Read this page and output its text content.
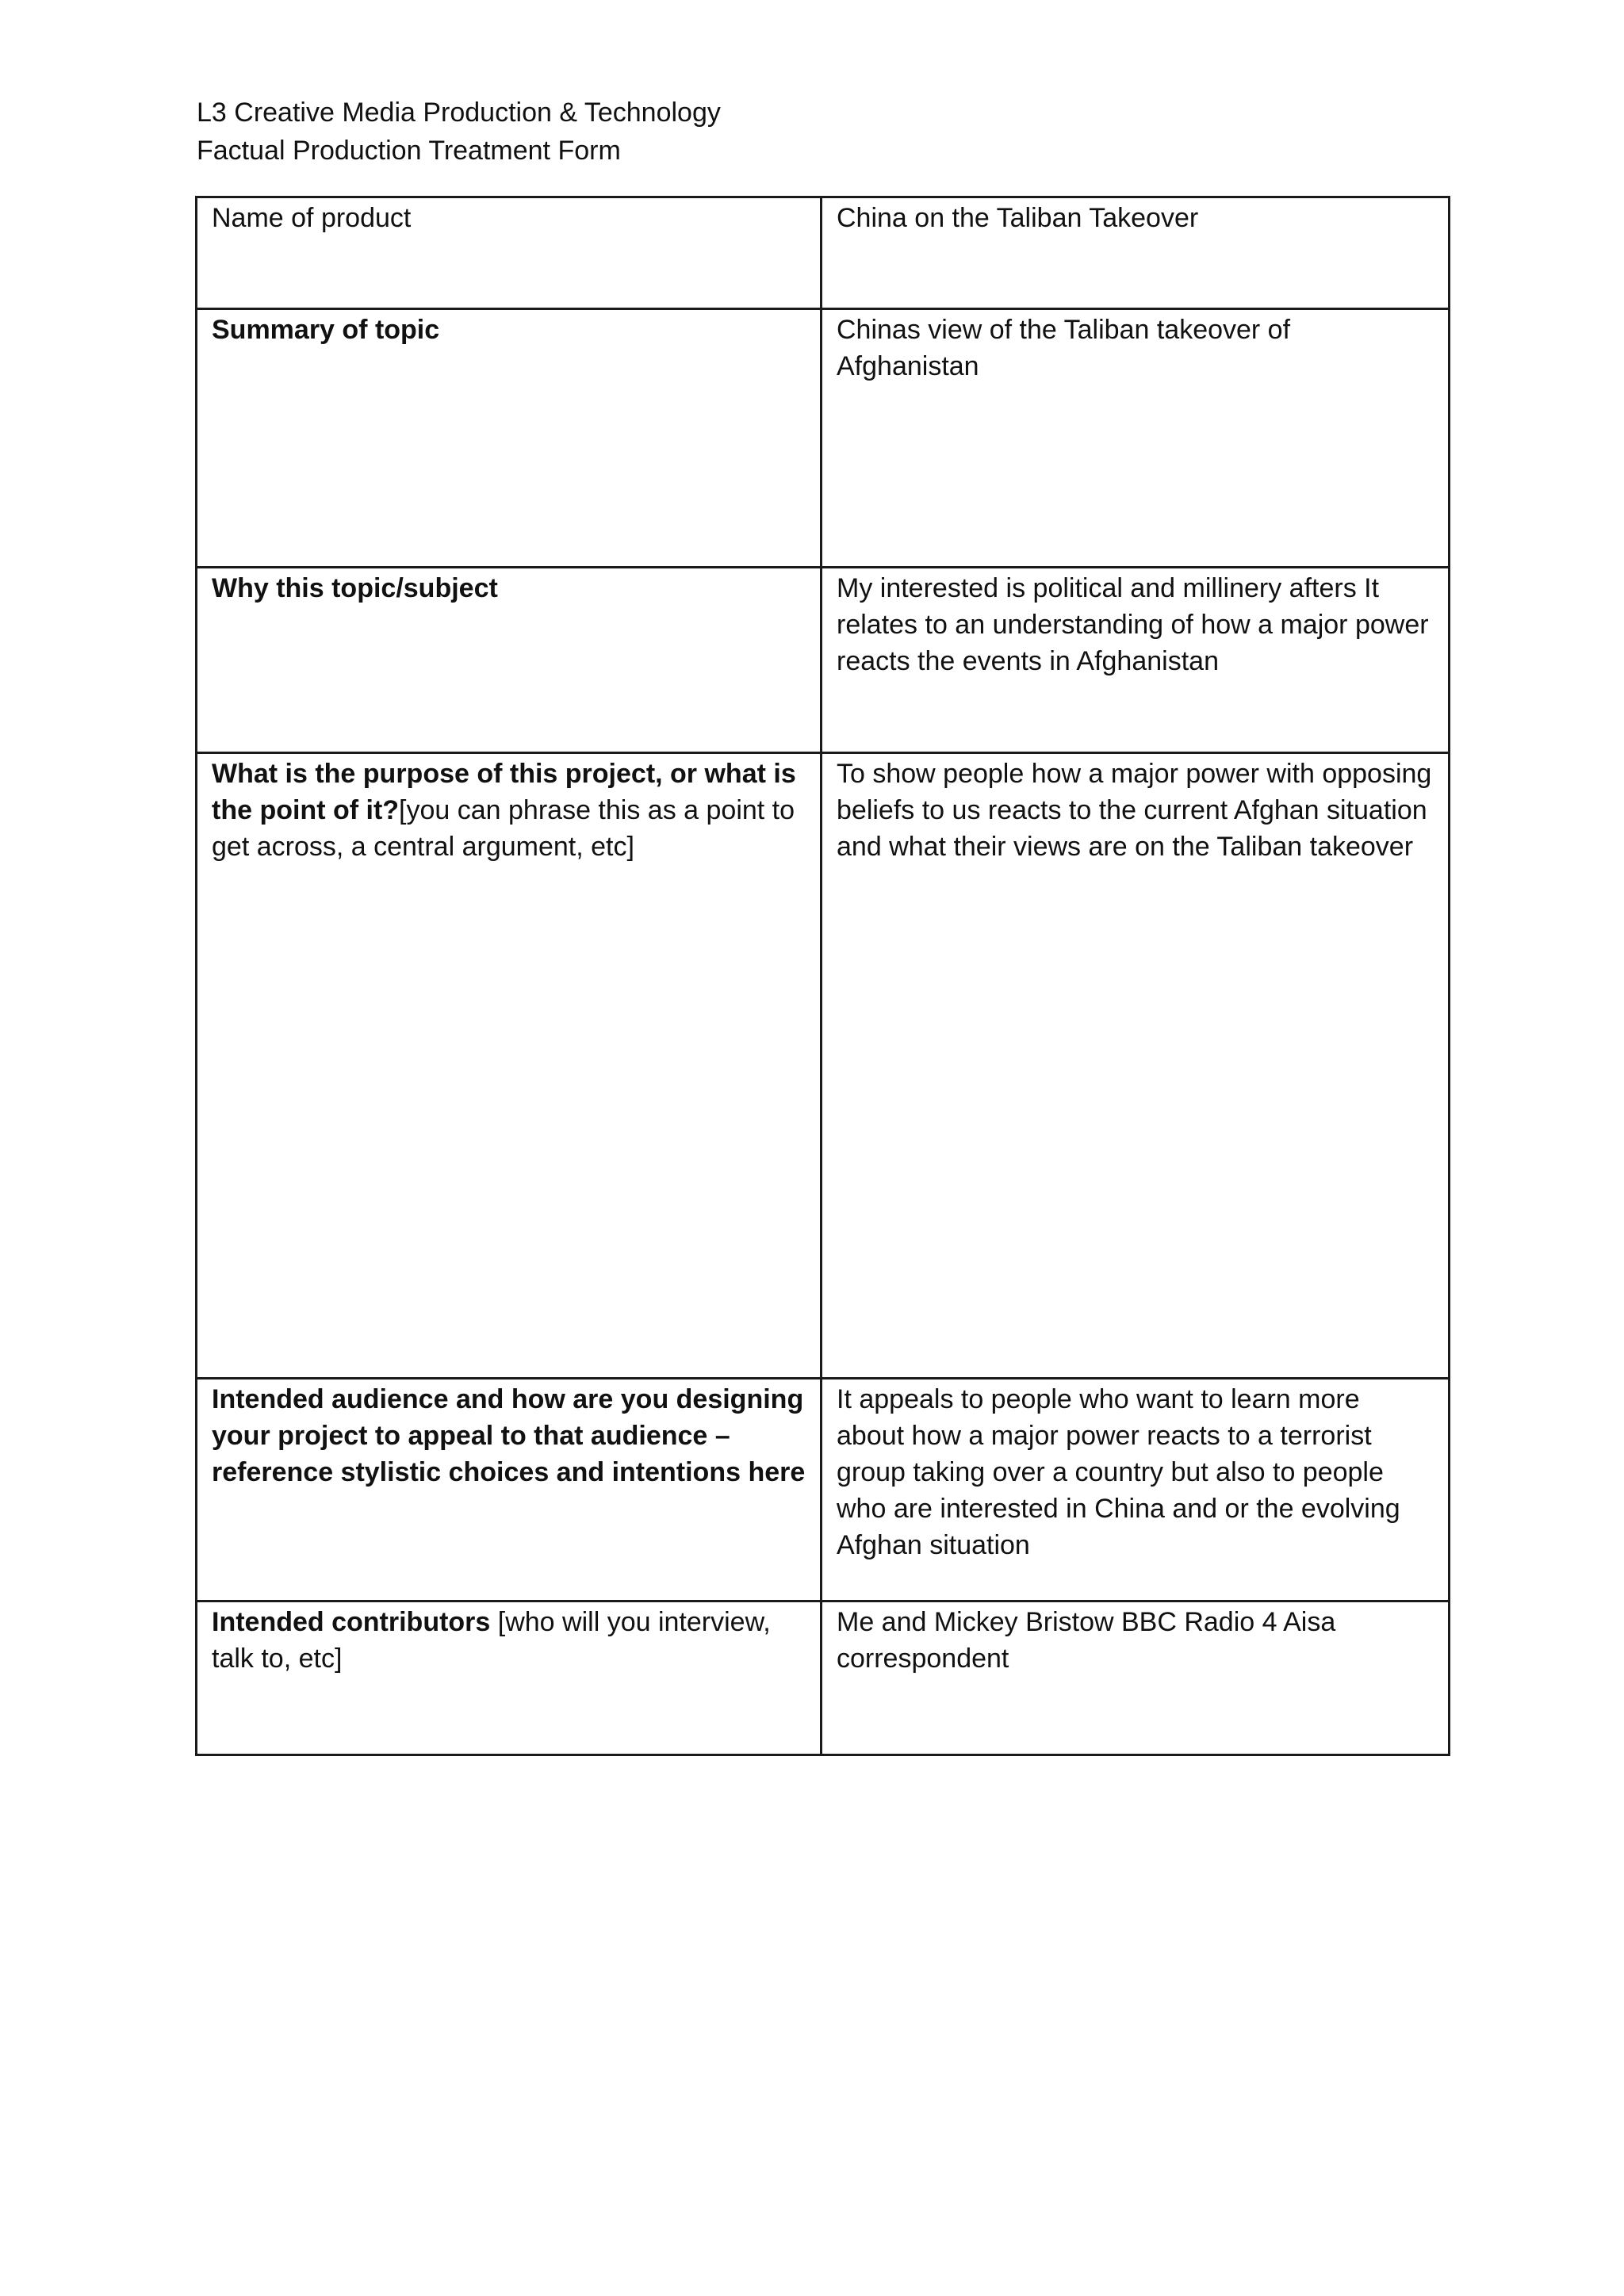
L3 Creative Media Production & Technology
Factual Production Treatment Form
Name of product	China on the Taliban Takeover
Summary of topic	Chinas view of the Taliban takeover of Afghanistan
Why this topic/subject	My interested is political and millinery afters It relates to an understanding of how a major power reacts the events in Afghanistan
What is the purpose of this project, or what is the point of it?[you can phrase this as a point to get across, a central argument, etc]	To show people how a major power with opposing beliefs to us reacts to the current Afghan situation and what their views are on the Taliban takeover
Intended audience and how are you designing your project to appeal to that audience – reference stylistic choices and intentions here	It appeals to people who want to learn more about how a major power reacts to a terrorist group taking over a country but also to people who are interested in China and or the evolving Afghan situation
Intended contributors [who will you interview, talk to, etc]	Me and Mickey Bristow BBC Radio 4 Aisa correspondent
